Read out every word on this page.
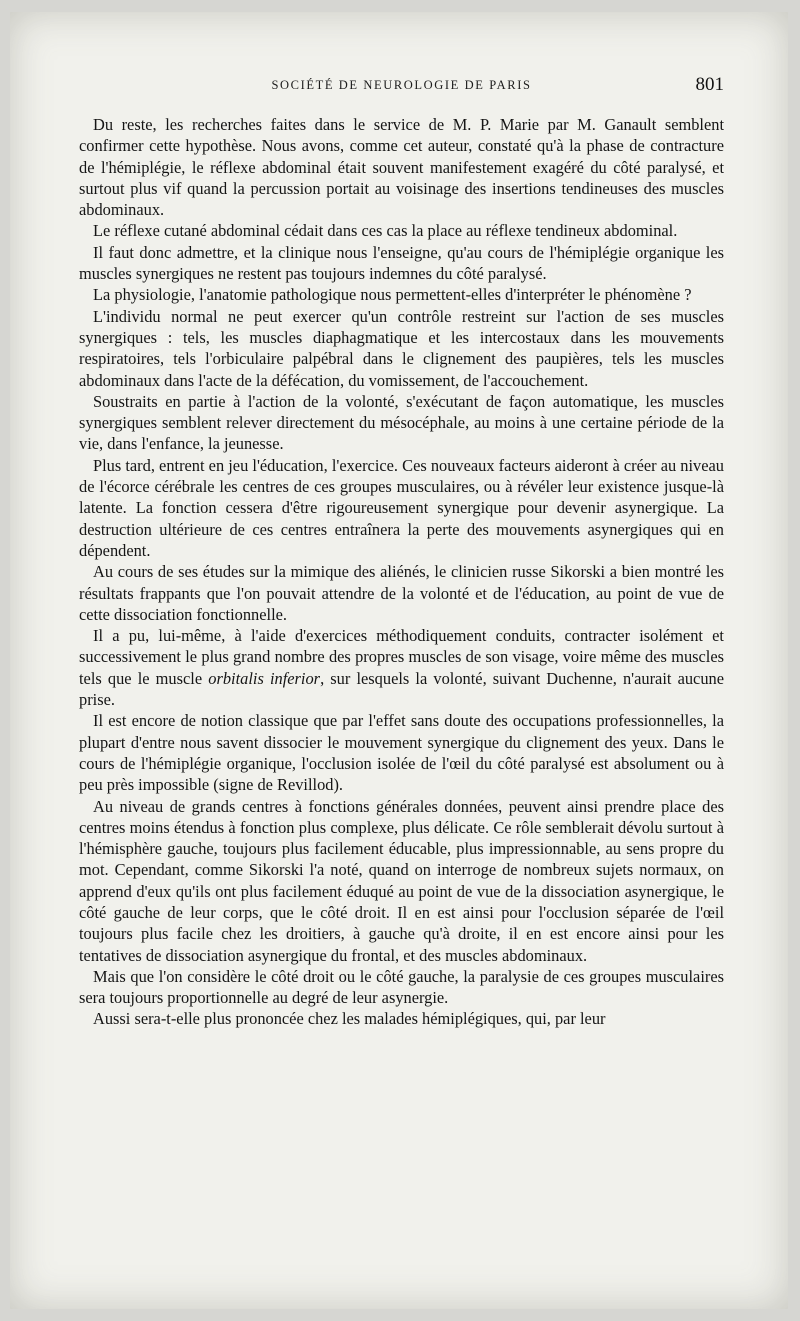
SOCIÉTÉ DE NEUROLOGIE DE PARIS	801

Du reste, les recherches faites dans le service de M. P. Marie par M. Ganault semblent confirmer cette hypothèse. Nous avons, comme cet auteur, constaté qu'à la phase de contracture de l'hémiplégie, le réflexe abdominal était souvent manifestement exagéré du côté paralysé, et surtout plus vif quand la percussion portait au voisinage des insertions tendineuses des muscles abdominaux.

Le réflexe cutané abdominal cédait dans ces cas la place au réflexe tendineux abdominal.

Il faut donc admettre, et la clinique nous l'enseigne, qu'au cours de l'hémiplégie organique les muscles synergiques ne restent pas toujours indemnes du côté paralysé.

La physiologie, l'anatomie pathologique nous permettent-elles d'interpréter le phénomène ?

L'individu normal ne peut exercer qu'un contrôle restreint sur l'action de ses muscles synergiques : tels, les muscles diaphagmatique et les intercostaux dans les mouvements respiratoires, tels l'orbiculaire palpébral dans le clignement des paupières, tels les muscles abdominaux dans l'acte de la défécation, du vomissement, de l'accouchement.

Soustraits en partie à l'action de la volonté, s'exécutant de façon automatique, les muscles synergiques semblent relever directement du mésocéphale, au moins à une certaine période de la vie, dans l'enfance, la jeunesse.

Plus tard, entrent en jeu l'éducation, l'exercice. Ces nouveaux facteurs aideront à créer au niveau de l'écorce cérébrale les centres de ces groupes musculaires, ou à révéler leur existence jusque-là latente. La fonction cessera d'être rigoureusement synergique pour devenir asynergique. La destruction ultérieure de ces centres entraînera la perte des mouvements asynergiques qui en dépendent.

Au cours de ses études sur la mimique des aliénés, le clinicien russe Sikorski a bien montré les résultats frappants que l'on pouvait attendre de la volonté et de l'éducation, au point de vue de cette dissociation fonctionnelle.

Il a pu, lui-même, à l'aide d'exercices méthodiquement conduits, contracter isolément et successivement le plus grand nombre des propres muscles de son visage, voire même des muscles tels que le muscle orbitalis inferior, sur lesquels la volonté, suivant Duchenne, n'aurait aucune prise.

Il est encore de notion classique que par l'effet sans doute des occupations professionnelles, la plupart d'entre nous savent dissocier le mouvement synergique du clignement des yeux. Dans le cours de l'hémiplégie organique, l'occlusion isolée de l'œil du côté paralysé est absolument ou à peu près impossible (signe de Revillod).

Au niveau de grands centres à fonctions générales données, peuvent ainsi prendre place des centres moins étendus à fonction plus complexe, plus délicate. Ce rôle semblerait dévolu surtout à l'hémisphère gauche, toujours plus facilement éducable, plus impressionnable, au sens propre du mot. Cependant, comme Sikorski l'a noté, quand on interroge de nombreux sujets normaux, on apprend d'eux qu'ils ont plus facilement éduqué au point de vue de la dissociation asynergique, le côté gauche de leur corps, que le côté droit. Il en est ainsi pour l'occlusion séparée de l'œil toujours plus facile chez les droitiers, à gauche qu'à droite, il en est encore ainsi pour les tentatives de dissociation asynergique du frontal, et des muscles abdominaux.

Mais que l'on considère le côté droit ou le côté gauche, la paralysie de ces groupes musculaires sera toujours proportionnelle au degré de leur asynergie.

Aussi sera-t-elle plus prononcée chez les malades hémiplégiques, qui, par leur
